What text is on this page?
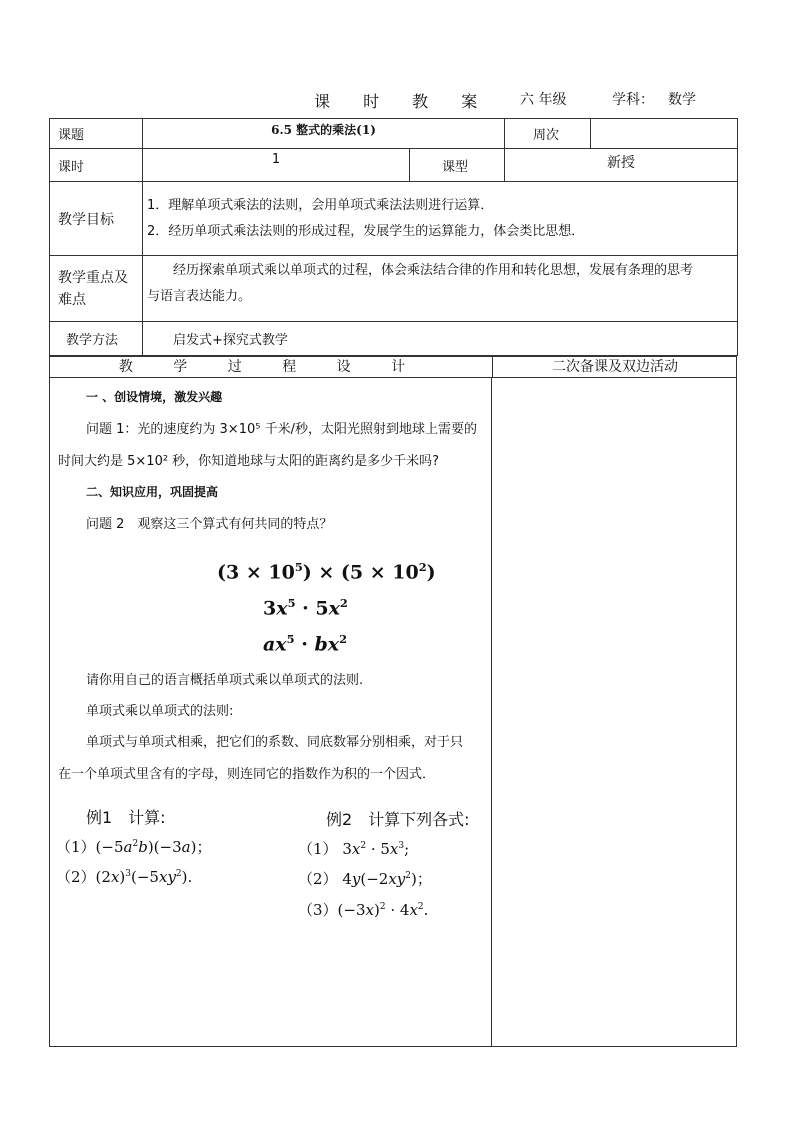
课 时 教 案 六 年级	学科： 数学
课题	6.5 整式的乘法(1)		周次	
课时	1	课型	新授	
教学目标	1．理解单项式乘法的法则，会用单项式乘法法则进行运算．
2．经历单项式乘法法则的形成过程，发展学生的运算能力，体会类比思想．			

教学重点及难点	经历探索单项式乘以单项式的过程，体会乘法结合律的作用和转化思想，发展有条理的思考
与语言表达能力。			

教学方法	启发式+探究式教学			
教 学 过 程 设 计	二次备课及双边活动
一 、创设情境，激发兴趣
问题 1：光的速度约为 3×10⁵ 千米/秒，太阳光照射到地球上需要的
时间大约是 5×10² 秒，你知道地球与太阳的距离约是多少千米吗?
二、知识应用，巩固提高
问题 2　观察这三个算式有何共同的特点？
$(3 \times 10^5) \times (5 \times 10^2)$
$3x^5 \cdot 5x^2$
$ax^5 \cdot bx^2$
请你用自己的语言概括单项式乘以单项式的法则.
单项式乘以单项式的法则:
单项式与单项式相乘，把它们的系数、同底数幂分别相乘，对于只
在一个单项式里含有的字母，则连同它的指数作为积的一个因式．
例1　计算:
$(1)(-5a^2b)(-3a)$；
$(2)(2x)^3(-5xy^2)$.
例2　计算下列各式:
（1） $3x^2 \cdot 5x^3$;
（2） $4y(-2xy^2)$；
$(3)(-3x)^2 \cdot 4x^2$.
